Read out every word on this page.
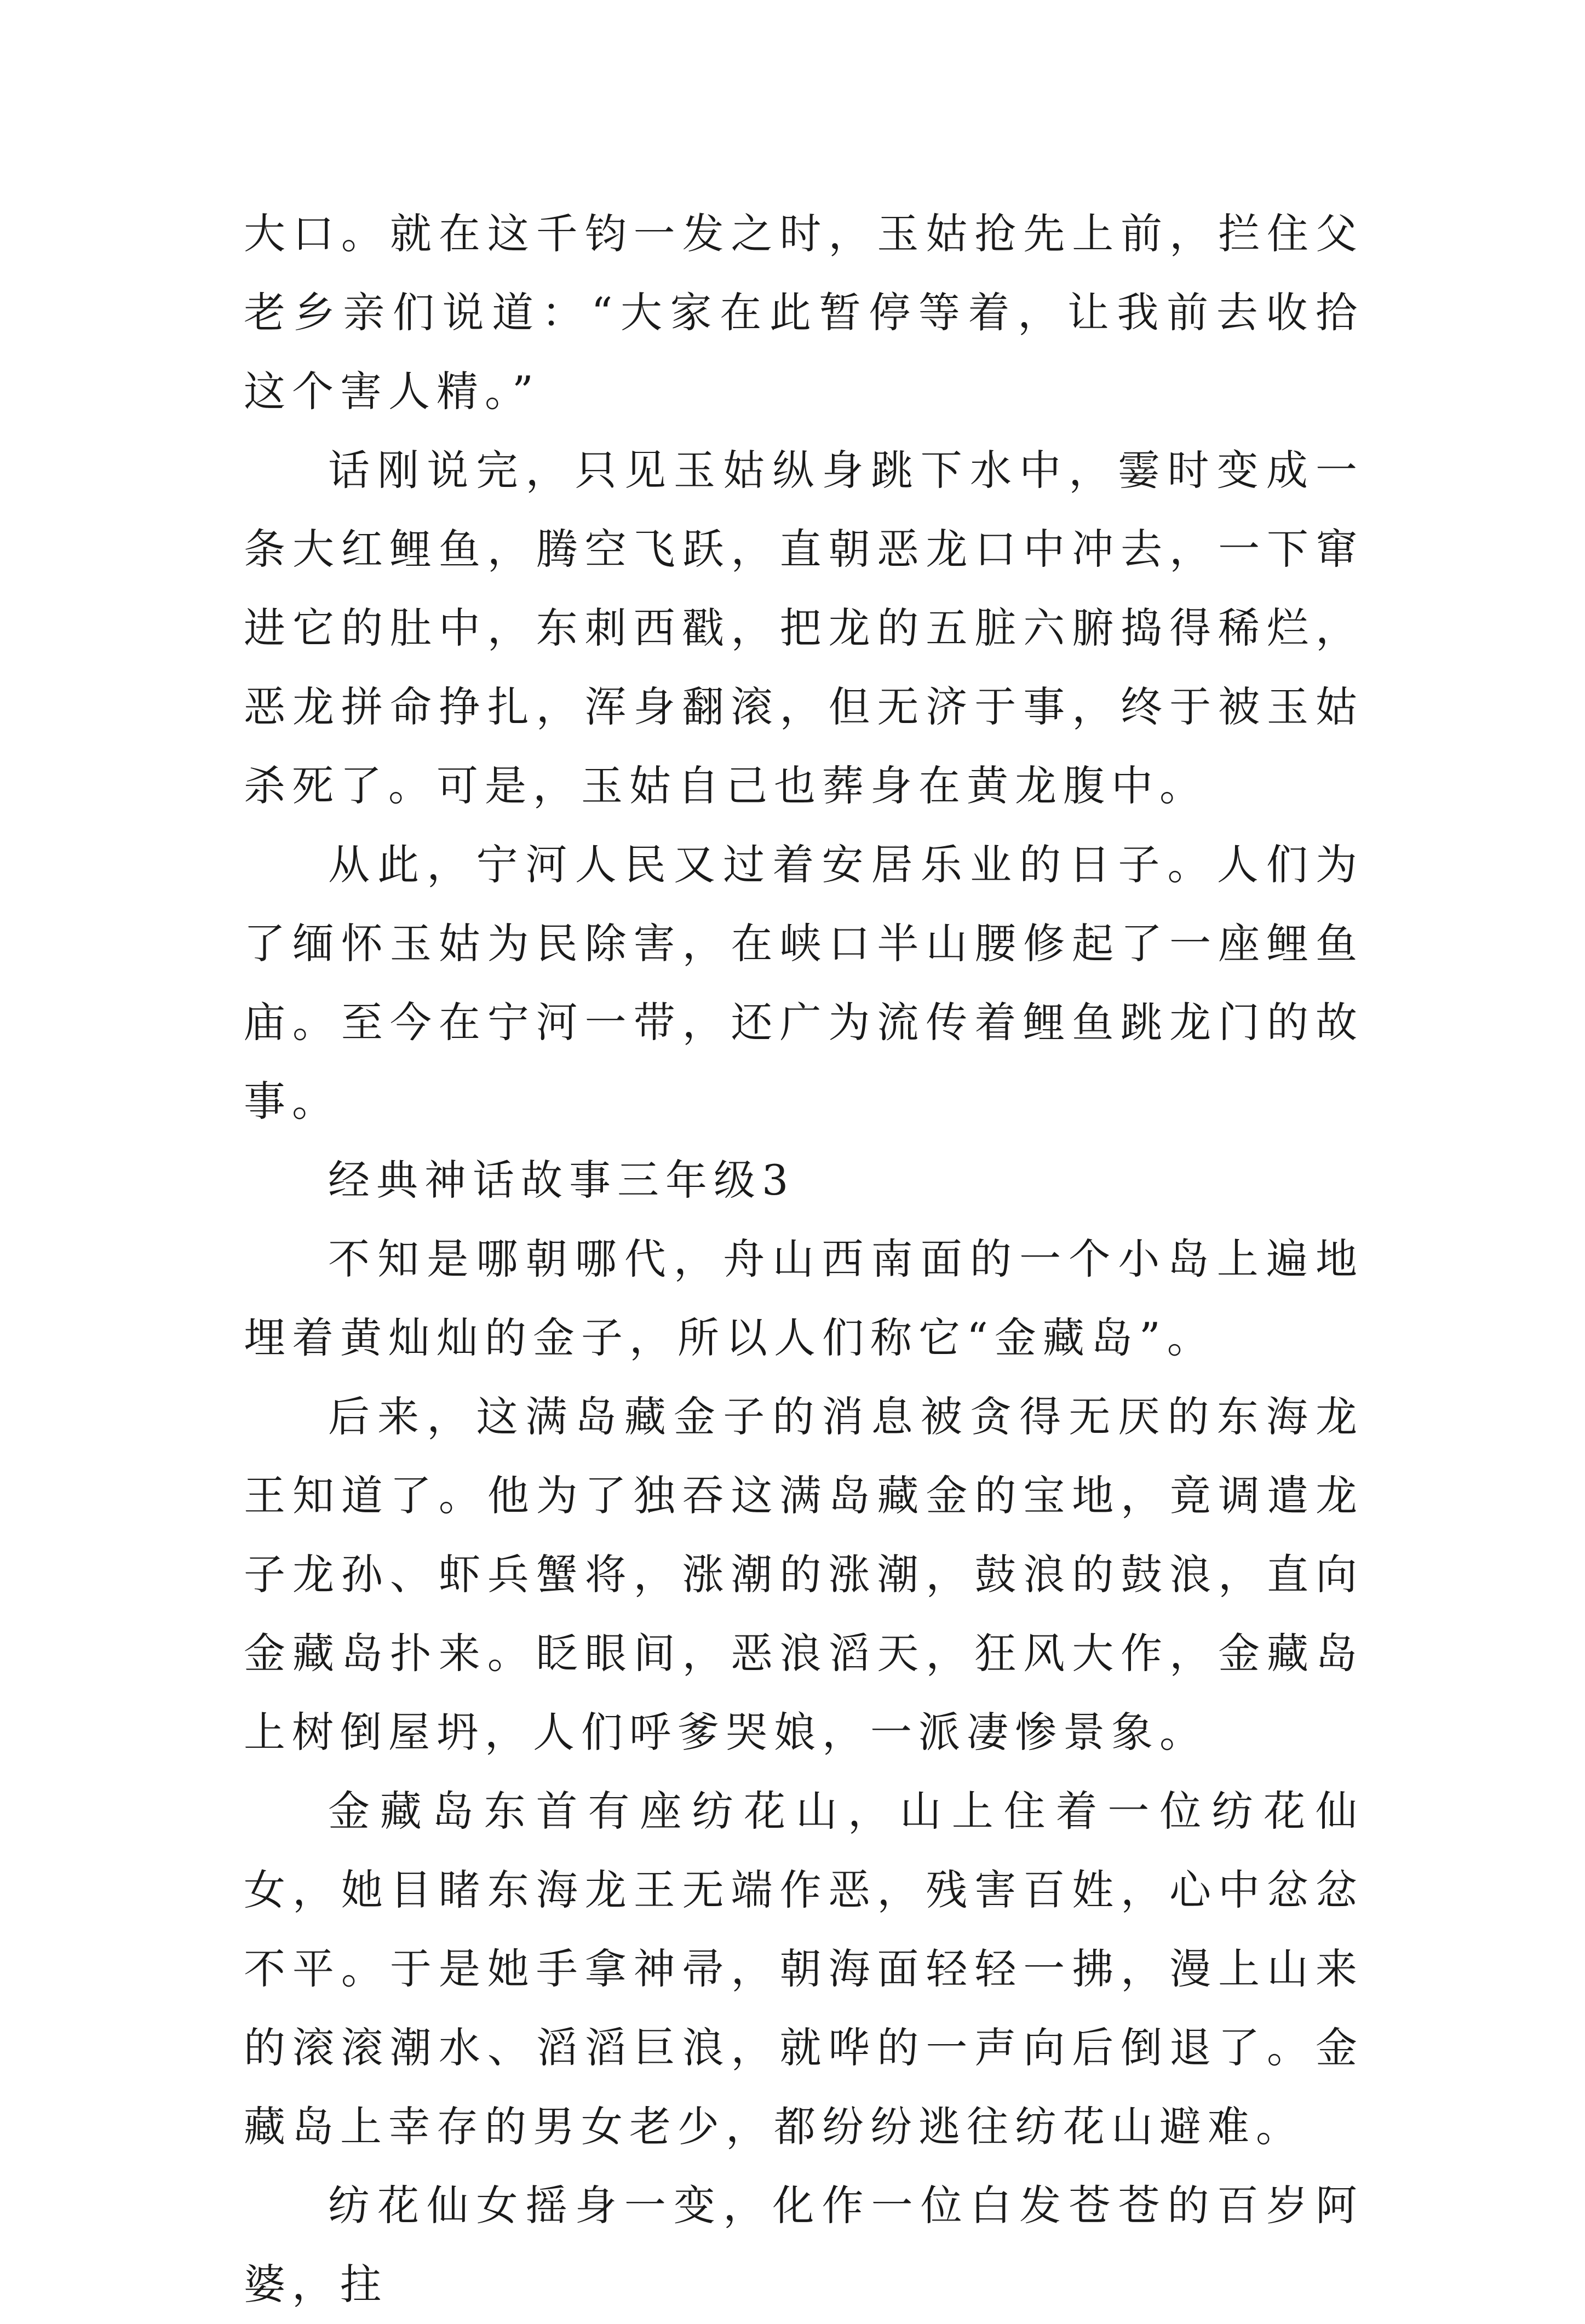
大口。就在这千钧一发之时，玉姑抢先上前，拦住父老乡亲们说道：“大家在此暂停等着，让我前去收拾这个害人精。”

话刚说完，只见玉姑纵身跳下水中，霎时变成一条大红鲤鱼，腾空飞跃，直朝恶龙口中冲去，一下窜进它的肚中，东刺西戳，把龙的五脏六腑捣得稀烂，恶龙拼命挣扎，浑身翻滚，但无济于事，终于被玉姑杀死了。可是，玉姑自己也葬身在黄龙腹中。

从此，宁河人民又过着安居乐业的日子。人们为了缅怀玉姑为民除害，在峡口半山腰修起了一座鲤鱼庙。至今在宁河一带，还广为流传着鲤鱼跳龙门的故事。

经典神话故事三年级3

不知是哪朝哪代，舟山西南面的一个小岛上遍地埋着黄灿灿的金子，所以人们称它“金藏岛”。

后来，这满岛藏金子的消息被贪得无厌的东海龙王知道了。他为了独吞这满岛藏金的宝地，竟调遣龙子龙孙、虾兵蟹将，涨潮的涨潮，鼓浪的鼓浪，直向金藏岛扑来。眨眼间，恶浪滔天，狂风大作，金藏岛上树倒屋坍，人们呼爹哭娘，一派凄惨景象。

金藏岛东首有座纺花山，山上住着一位纺花仙女，她目睹东海龙王无端作恶，残害百姓，心中忿忿不平。于是她手拿神帚，朝海面轻轻一拂，漫上山来的滚滚潮水、滔滔巨浪，就哗的一声向后倒退了。金藏岛上幸存的男女老少，都纷纷逃往纺花山避难。

纺花仙女摇身一变，化作一位白发苍苍的百岁阿婆，拄
